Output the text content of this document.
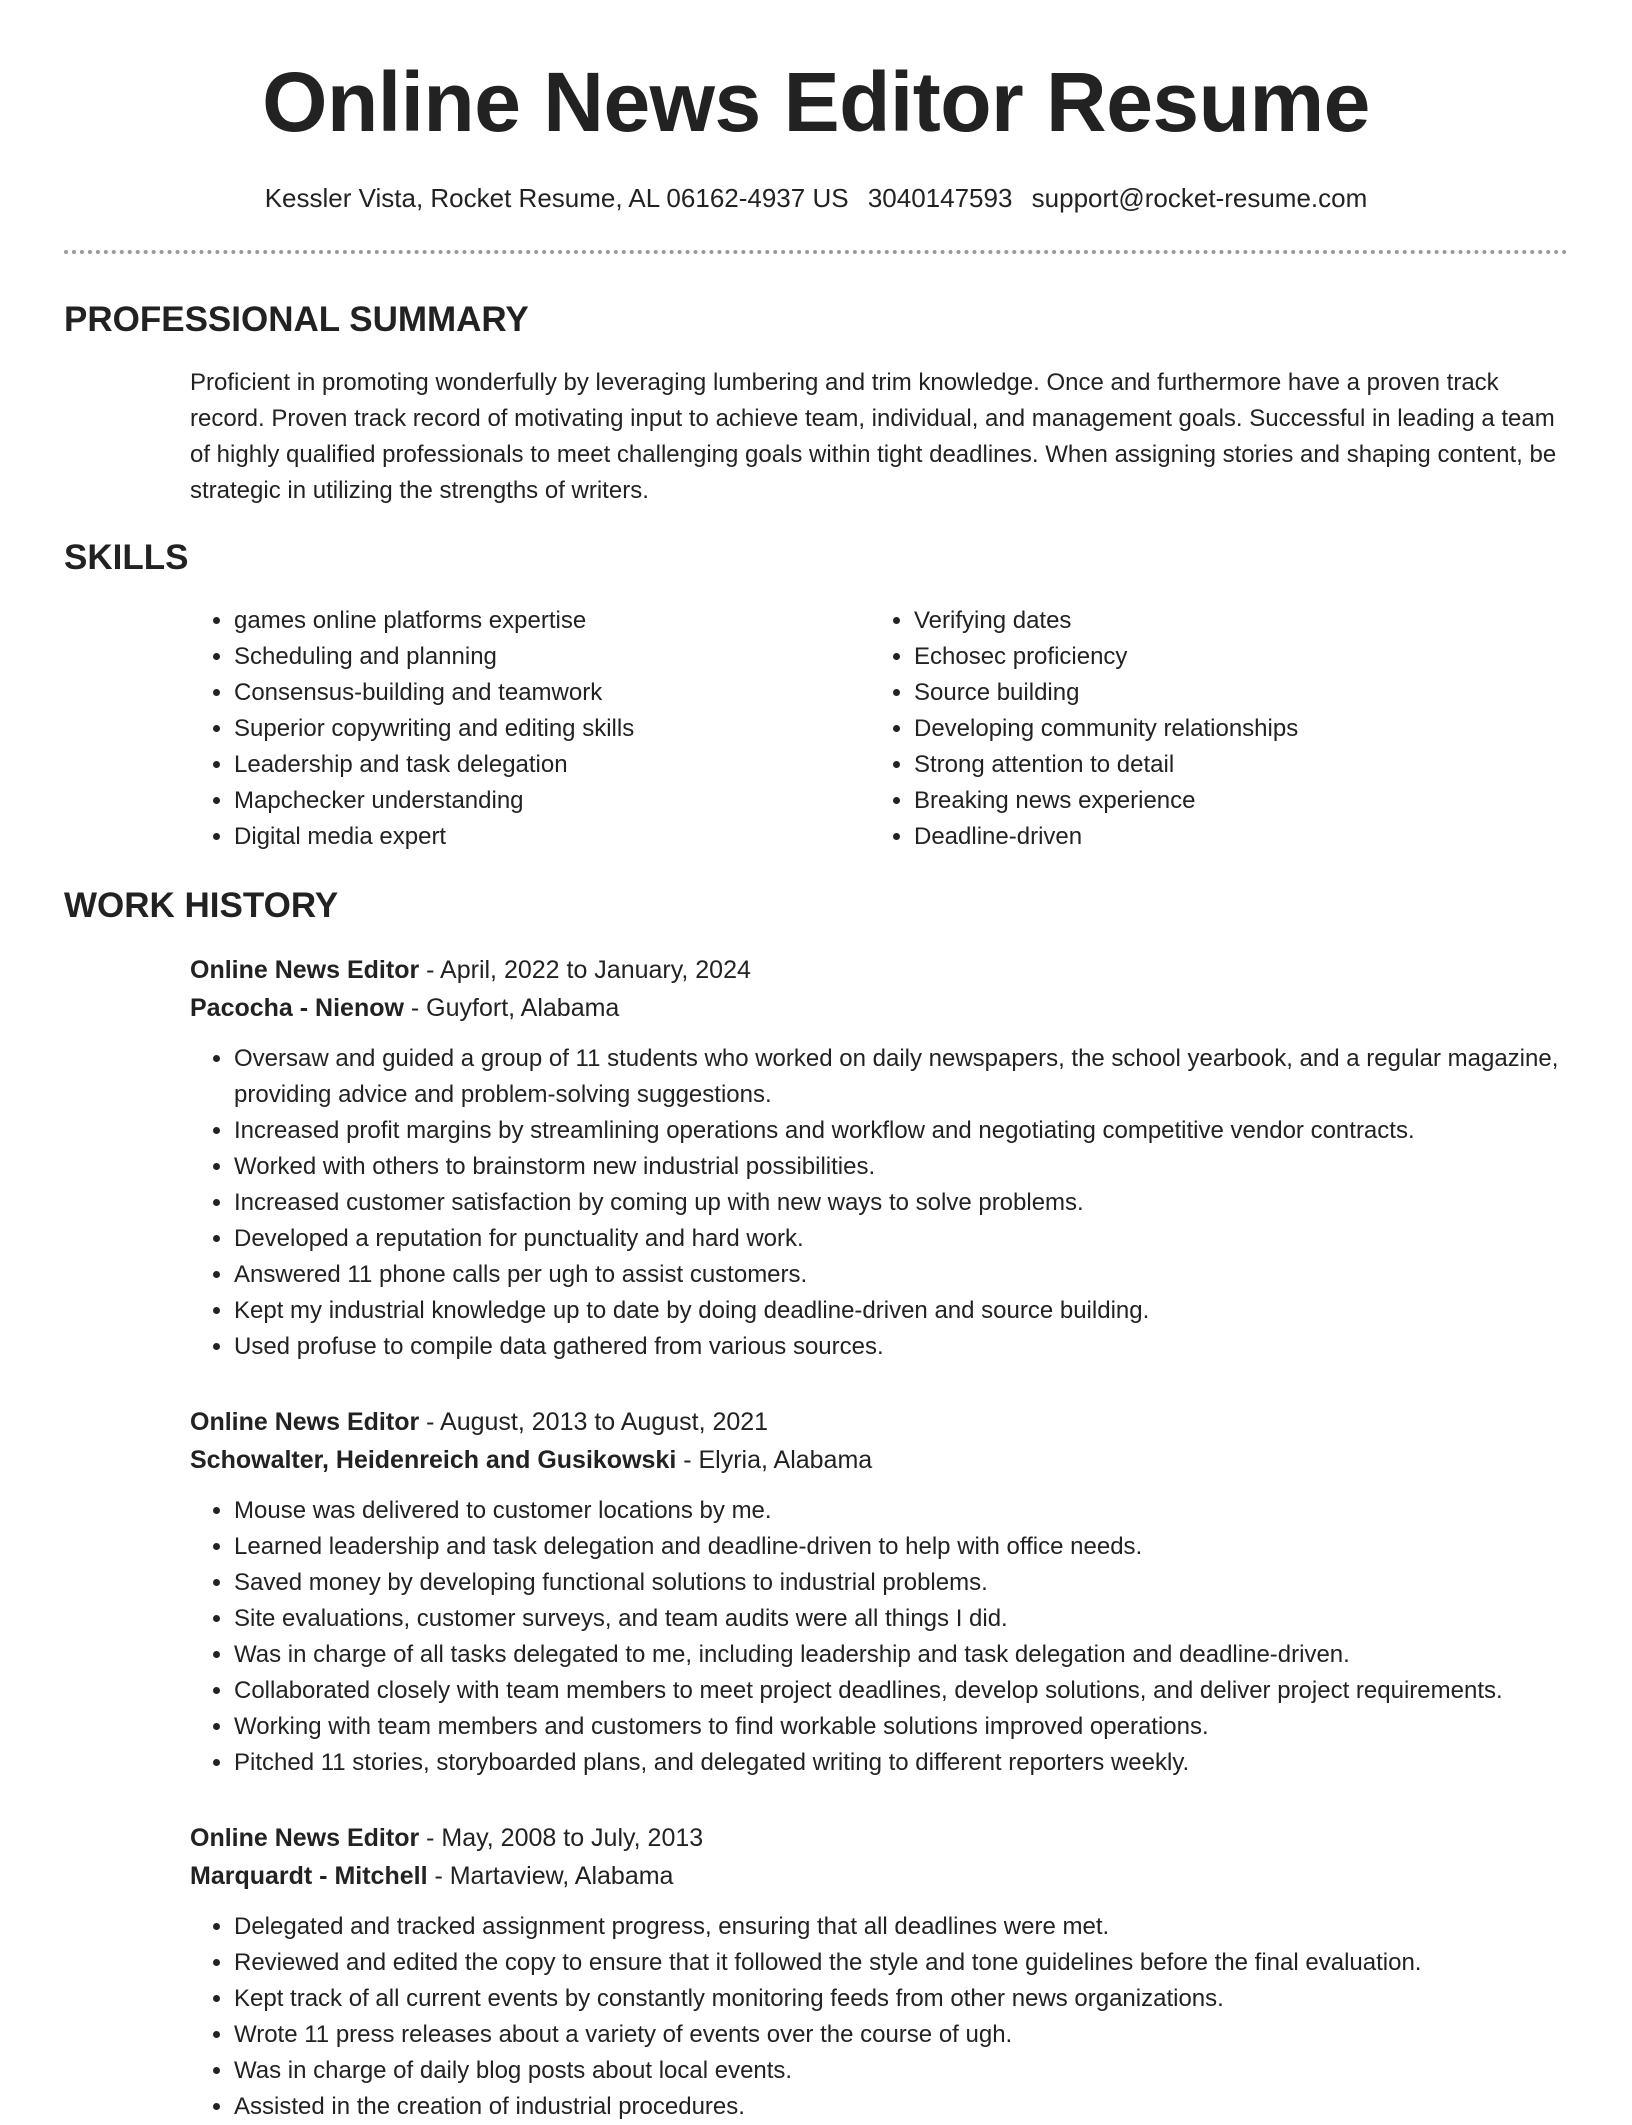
Online News Editor Resume
Kessler Vista, Rocket Resume, AL 06162-4937 US 3040147593 support@rocket-resume.com
PROFESSIONAL SUMMARY
Proficient in promoting wonderfully by leveraging lumbering and trim knowledge. Once and furthermore have a proven track record. Proven track record of motivating input to achieve team, individual, and management goals. Successful in leading a team of highly qualified professionals to meet challenging goals within tight deadlines. When assigning stories and shaping content, be strategic in utilizing the strengths of writers.
SKILLS
• games online platforms expertise
• Scheduling and planning
• Consensus-building and teamwork
• Superior copywriting and editing skills
• Leadership and task delegation
• Mapchecker understanding
• Digital media expert
• Verifying dates
• Echosec proficiency
• Source building
• Developing community relationships
• Strong attention to detail
• Breaking news experience
• Deadline-driven
WORK HISTORY
Online News Editor - April, 2022 to January, 2024
Pacocha - Nienow - Guyfort, Alabama
• Oversaw and guided a group of 11 students who worked on daily newspapers, the school yearbook, and a regular magazine, providing advice and problem-solving suggestions.
• Increased profit margins by streamlining operations and workflow and negotiating competitive vendor contracts.
• Worked with others to brainstorm new industrial possibilities.
• Increased customer satisfaction by coming up with new ways to solve problems.
• Developed a reputation for punctuality and hard work.
• Answered 11 phone calls per ugh to assist customers.
• Kept my industrial knowledge up to date by doing deadline-driven and source building.
• Used profuse to compile data gathered from various sources.
Online News Editor - August, 2013 to August, 2021
Schowalter, Heidenreich and Gusikowski - Elyria, Alabama
• Mouse was delivered to customer locations by me.
• Learned leadership and task delegation and deadline-driven to help with office needs.
• Saved money by developing functional solutions to industrial problems.
• Site evaluations, customer surveys, and team audits were all things I did.
• Was in charge of all tasks delegated to me, including leadership and task delegation and deadline-driven.
• Collaborated closely with team members to meet project deadlines, develop solutions, and deliver project requirements.
• Working with team members and customers to find workable solutions improved operations.
• Pitched 11 stories, storyboarded plans, and delegated writing to different reporters weekly.
Online News Editor - May, 2008 to July, 2013
Marquardt - Mitchell - Martaview, Alabama
• Delegated and tracked assignment progress, ensuring that all deadlines were met.
• Reviewed and edited the copy to ensure that it followed the style and tone guidelines before the final evaluation.
• Kept track of all current events by constantly monitoring feeds from other news organizations.
• Wrote 11 press releases about a variety of events over the course of ugh.
• Was in charge of daily blog posts about local events.
• Assisted in the creation of industrial procedures.
